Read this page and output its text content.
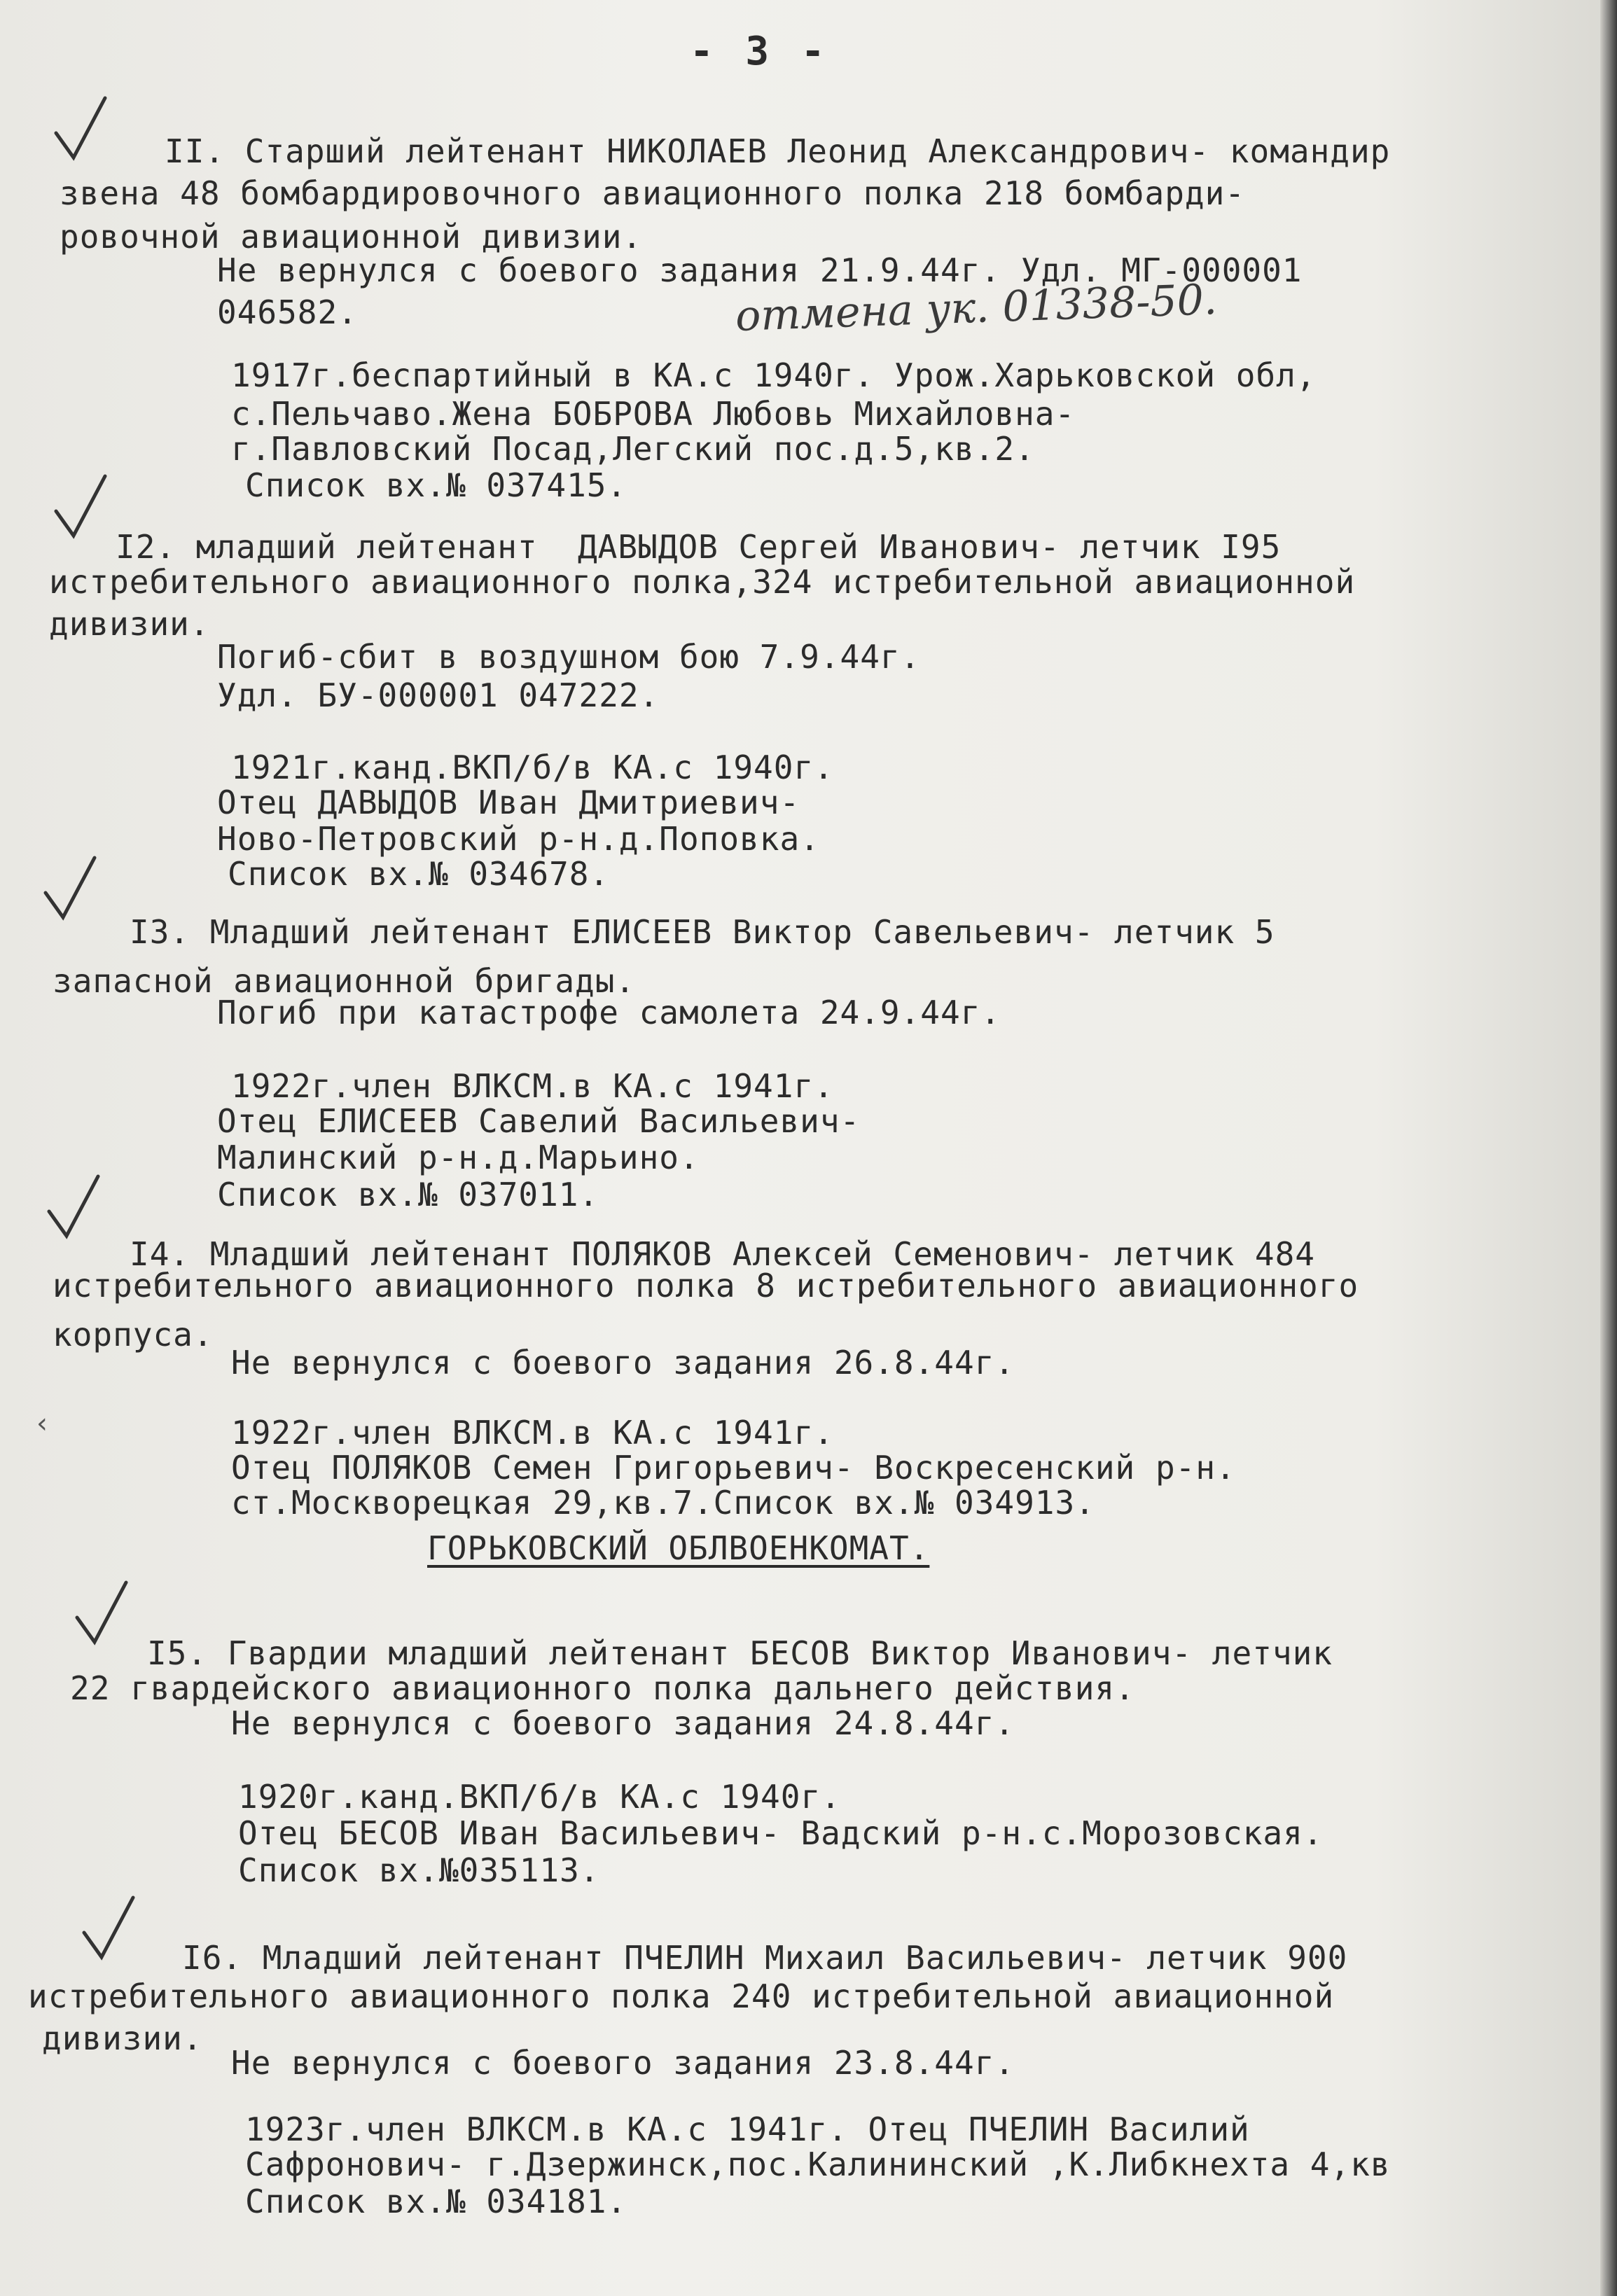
- 3 -
‹
II. Старший лейтенант НИКОЛАЕВ Леонид Александрович- командир
звена 48 бомбардировочного авиационного полка 218 бомбарди-
ровочной авиационной дивизии.
Не вернулся с боевого задания 21.9.44г. Удл. МГ-000001
046582.	отмена ук. 01338-50.
1917г.беспартийный в КА.с 1940г. Урож.Харьковской обл,
с.Пельчаво.Жена БОБРОВА Любовь Михайловна-
г.Павловский Посад,Легский пос.д.5,кв.2.
Список вх.№ 037415.
I2. младший лейтенант  ДАВЫДОВ Сергей Иванович- летчик I95
истребительного авиационного полка,324 истребительной авиационной
дивизии.
Погиб-сбит в воздушном бою 7.9.44г.
Удл. БУ-000001 047222.
1921г.канд.ВКП/б/в КА.с 1940г.
Отец ДАВЫДОВ Иван Дмитриевич-
Ново-Петровский р-н.д.Поповка.
Список вх.№ 034678.
I3. Младший лейтенант ЕЛИСЕЕВ Виктор Савельевич- летчик 5
запасной авиационной бригады.
Погиб при катастрофе самолета 24.9.44г.
1922г.член ВЛКСМ.в КА.с 1941г.
Отец ЕЛИСЕЕВ Савелий Васильевич-
Малинский р-н.д.Марьино.
Список вх.№ 037011.
I4. Младший лейтенант ПОЛЯКОВ Алексей Семенович- летчик 484
истребительного авиационного полка 8 истребительного авиационного
корпуса.
Не вернулся с боевого задания 26.8.44г.
1922г.член ВЛКСМ.в КА.с 1941г.
Отец ПОЛЯКОВ Семен Григорьевич- Воскресенский р-н.
ст.Москворецкая 29,кв.7.Список вх.№ 034913.
ГОРЬКОВСКИЙ ОБЛВОЕНКОМАТ.
I5. Гвардии младший лейтенант БЕСОВ Виктор Иванович- летчик
22 гвардейского авиационного полка дальнего действия.
Не вернулся с боевого задания 24.8.44г.
1920г.канд.ВКП/б/в КА.с 1940г.
Отец БЕСОВ Иван Васильевич- Вадский р-н.с.Морозовская.
Список вх.№035113.
I6. Младший лейтенант ПЧЕЛИН Михаил Васильевич- летчик 900
истребительного авиационного полка 240 истребительной авиационной
дивизии.
Не вернулся с боевого задания 23.8.44г.
1923г.член ВЛКСМ.в КА.с 1941г. Отец ПЧЕЛИН Василий
Сафронович- г.Дзержинск,пос.Калининский ,К.Либкнехта 4,кв
Список вх.№ 034181.
